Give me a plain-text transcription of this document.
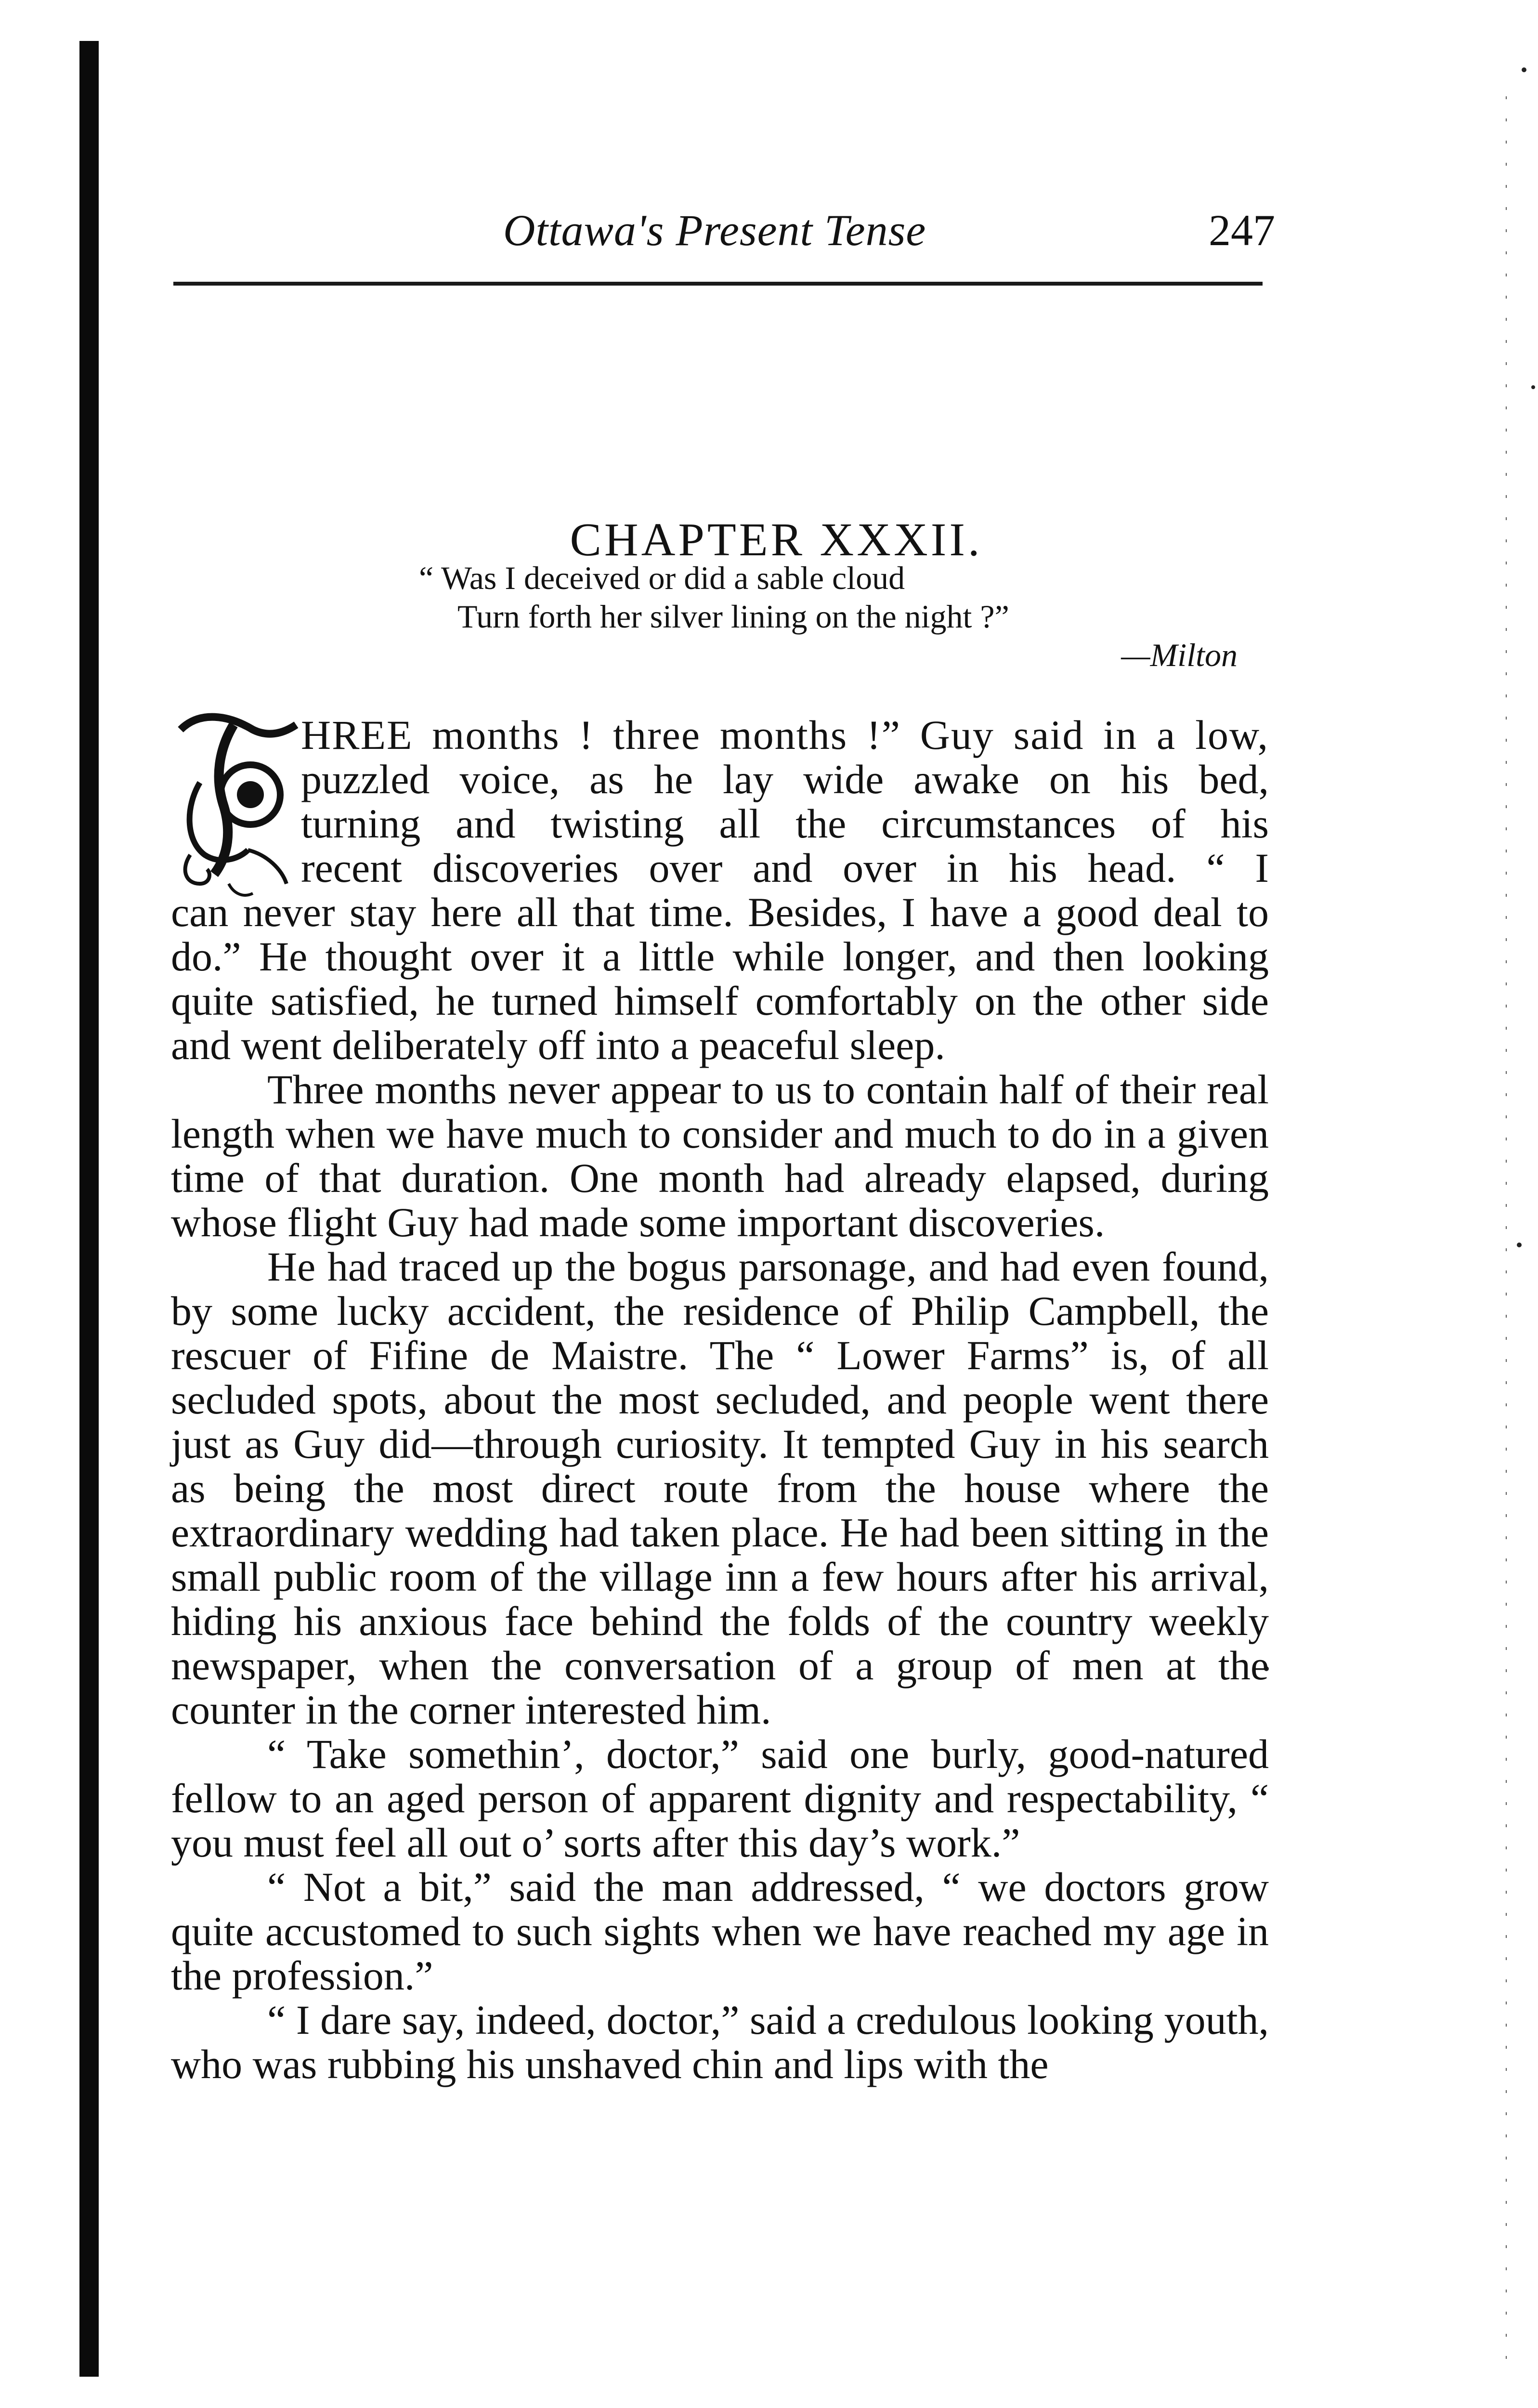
Ottawa's Present Tense	247
CHAPTER XXXII.
“ Was I deceived or did a sable cloud
Turn forth her silver lining on the night ?”
—Milton

HREE months ! three months !” Guy said in a low,
puzzled voice, as he lay wide awake on his bed,
turning and twisting all the circumstances of his
recent discoveries over and over in his head. “ I
can never stay here all that time. Besides, I have a good deal to do.” He thought over it a little while longer, and then looking quite satisfied, he turned himself comfortably on the other side and went deliberately off into a peaceful sleep.

Three months never appear to us to contain half of their real length when we have much to consider and much to do in a given time of that duration. One month had already elapsed, during whose flight Guy had made some important discoveries.

He had traced up the bogus parsonage, and had even found, by some lucky accident, the residence of Philip Campbell, the rescuer of Fifine de Maistre. The “ Lower Farms” is, of all secluded spots, about the most secluded, and people went there just as Guy did—through curiosity. It tempted Guy in his search as being the most direct route from the house where the extraordinary wedding had taken place. He had been sitting in the small public room of the village inn a few hours after his arrival, hiding his anxious face behind the folds of the country weekly newspaper, when the conversation of a group of men at the counter in the corner interested him.

“ Take somethin’, doctor,” said one burly, good-natured fellow to an aged person of apparent dignity and respectability, “ you must feel all out o’ sorts after this day’s work.”

“ Not a bit,” said the man addressed, “ we doctors grow quite accustomed to such sights when we have reached my age in the profession.”

“ I dare say, indeed, doctor,” said a credulous looking youth, who was rubbing his unshaved chin and lips with the
